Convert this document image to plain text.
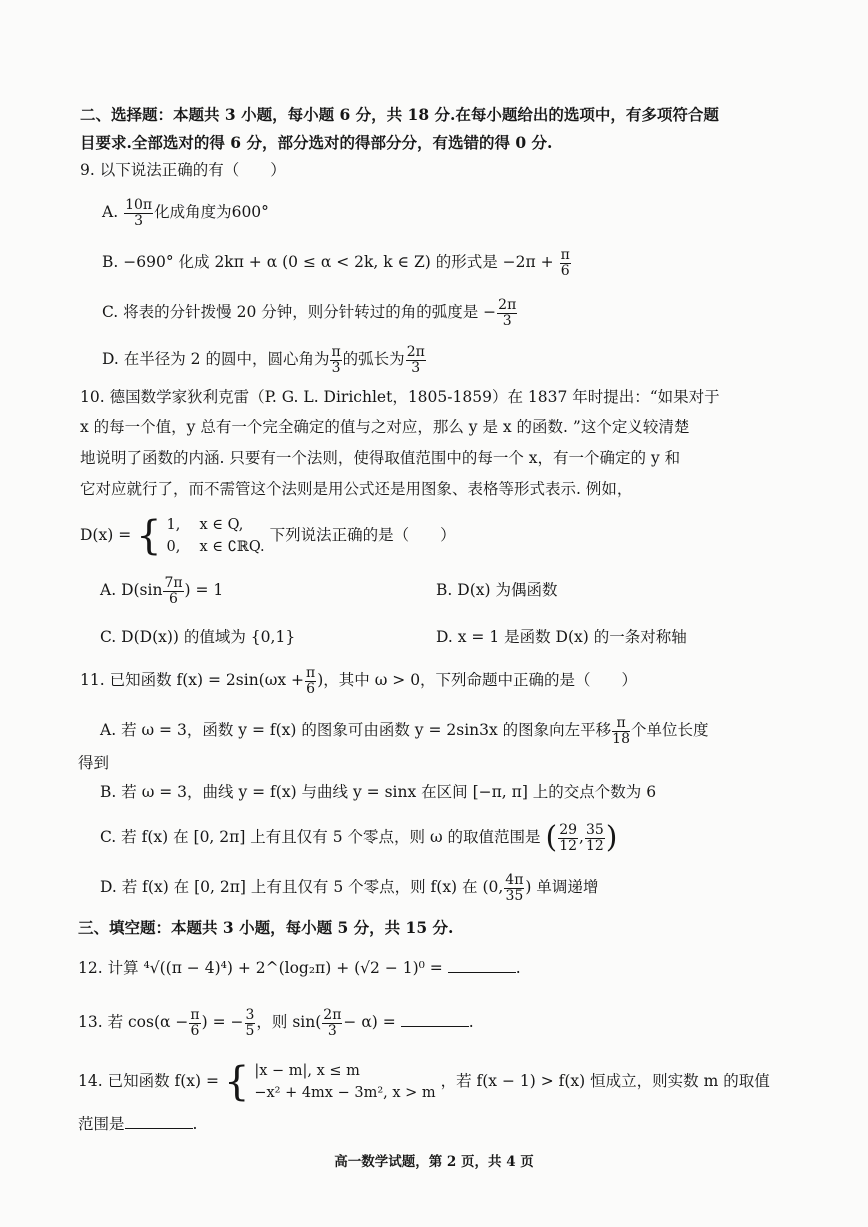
二、选择题：本题共 3 小题，每小题 6 分，共 18 分.在每小题给出的选项中，有多项符合题
目要求.全部选对的得 6 分，部分选对的得部分分，有选错的得 0 分.
9. 以下说法正确的有（　　）
A. $\frac{10\pi}{3}$ 化成角度为600°
B. −690° 化成 2kπ + α (0 ≤ α < 2k, k ∈ Z) 的形式是 $-2\pi + \frac{\pi}{6}$
C. 将表的分针拨慢 20 分钟，则分针转过的角的弧度是 − $\frac{2\pi}{3}$
D. 在半径为 2 的圆中，圆心角为 $\frac{\pi}{3}$ 的弧长为 $\frac{2\pi}{3}$
10. 德国数学家狄利克雷（P. G. L. Dirichlet，1805-1859）在 1837 年时提出：“如果对于
x 的每一个值，y 总有一个完全确定的值与之对应，那么 y 是 x 的函数. ”这个定义较清楚
地说明了函数的内涵. 只要有一个法则，使得取值范围中的每一个 x，有一个确定的 y 和
它对应就行了，而不需管这个法则是用公式还是用图象、表格等形式表示. 例如，
D(x) = { 1,　 x ∈ Q,
0,　 x ∈ ∁ℝQ.
下列说法正确的是（　　）
A. $D(\sin \frac{7\pi}{6}$ ) = 1	B. D(x) 为偶函数
C. D(D(x)) 的值域为 {0,1}	D. x = 1 是函数 D(x) 的一条对称轴
11. 已知函数 $f(x) = 2\sin(\omega x + \frac{\pi}{6}$ )，其中 ω > 0，下列命题中正确的是（　　）
A. 若 ω = 3，函数 y = f(x) 的图象可由函数 y = 2sin3x 的图象向左平移 $\frac{\pi}{18}$ 个单位长度
得到
B. 若 ω = 3，曲线 y = f(x) 与曲线 y = sinx 在区间 [−π, π] 上的交点个数为 6
C. 若 f(x) 在 [0, 2π] 上有且仅有 5 个零点，则 ω 的取值范围是 ( $\frac{29}{12}$ , $\frac{35}{12}$ )
D. 若 f(x) 在 [0, 2π] 上有且仅有 5 个零点，则 f(x) 在 (0, $\frac{4\pi}{35}$ ) 单调递增
三、填空题：本题共 3 小题，每小题 5 分，共 15 分.
12. 计算 ⁴√((π − 4)⁴) + 2^(log₂π) + (√2 − 1)⁰ =	.
13. 若 $\cos(\alpha - \frac{\pi}{6}$ ) = − $\frac{3}{5}$ ，则 $\sin( \frac{2\pi}{3} - \alpha)$ =	.
14. 已知函数 f(x) = { |x − m|, x ≤ m
−x² + 4mx − 3m², x > m
，若 f(x − 1) > f(x) 恒成立，则实数 m 的取值
范围是	.
高一数学试题，第 2 页，共 4 页
